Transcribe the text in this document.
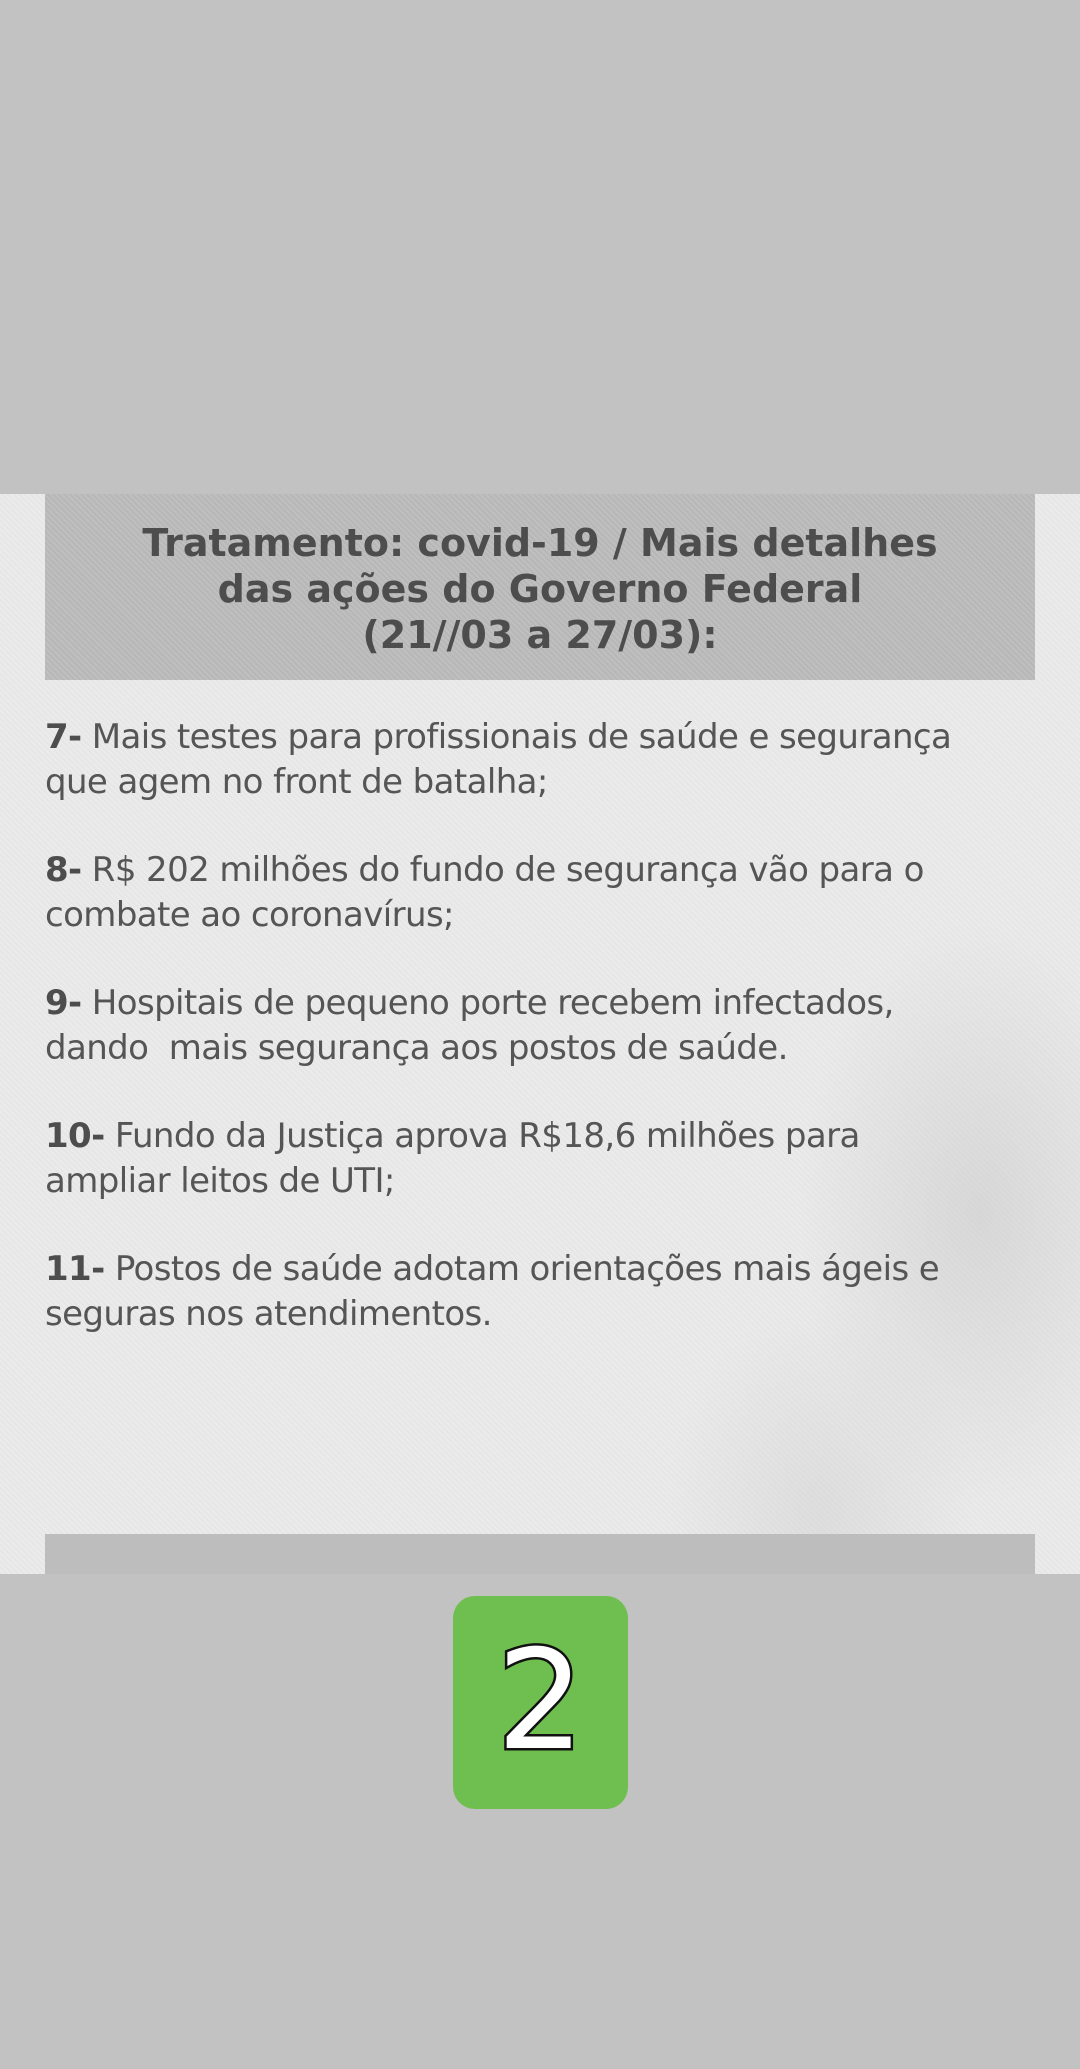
Tratamento: covid-19 / Mais detalhes
das ações do Governo Federal
(21//03 a 27/03):
7- Mais testes para profissionais de saúde e segurança
que agem no front de batalha;
8- R$ 202 milhões do fundo de segurança vão para o
combate ao coronavírus;
9- Hospitais de pequeno porte recebem infectados,
dando  mais segurança aos postos de saúde.
10- Fundo da Justiça aprova R$18,6 milhões para
ampliar leitos de UTI;
11- Postos de saúde adotam orientações mais ágeis e
seguras nos atendimentos.
2
